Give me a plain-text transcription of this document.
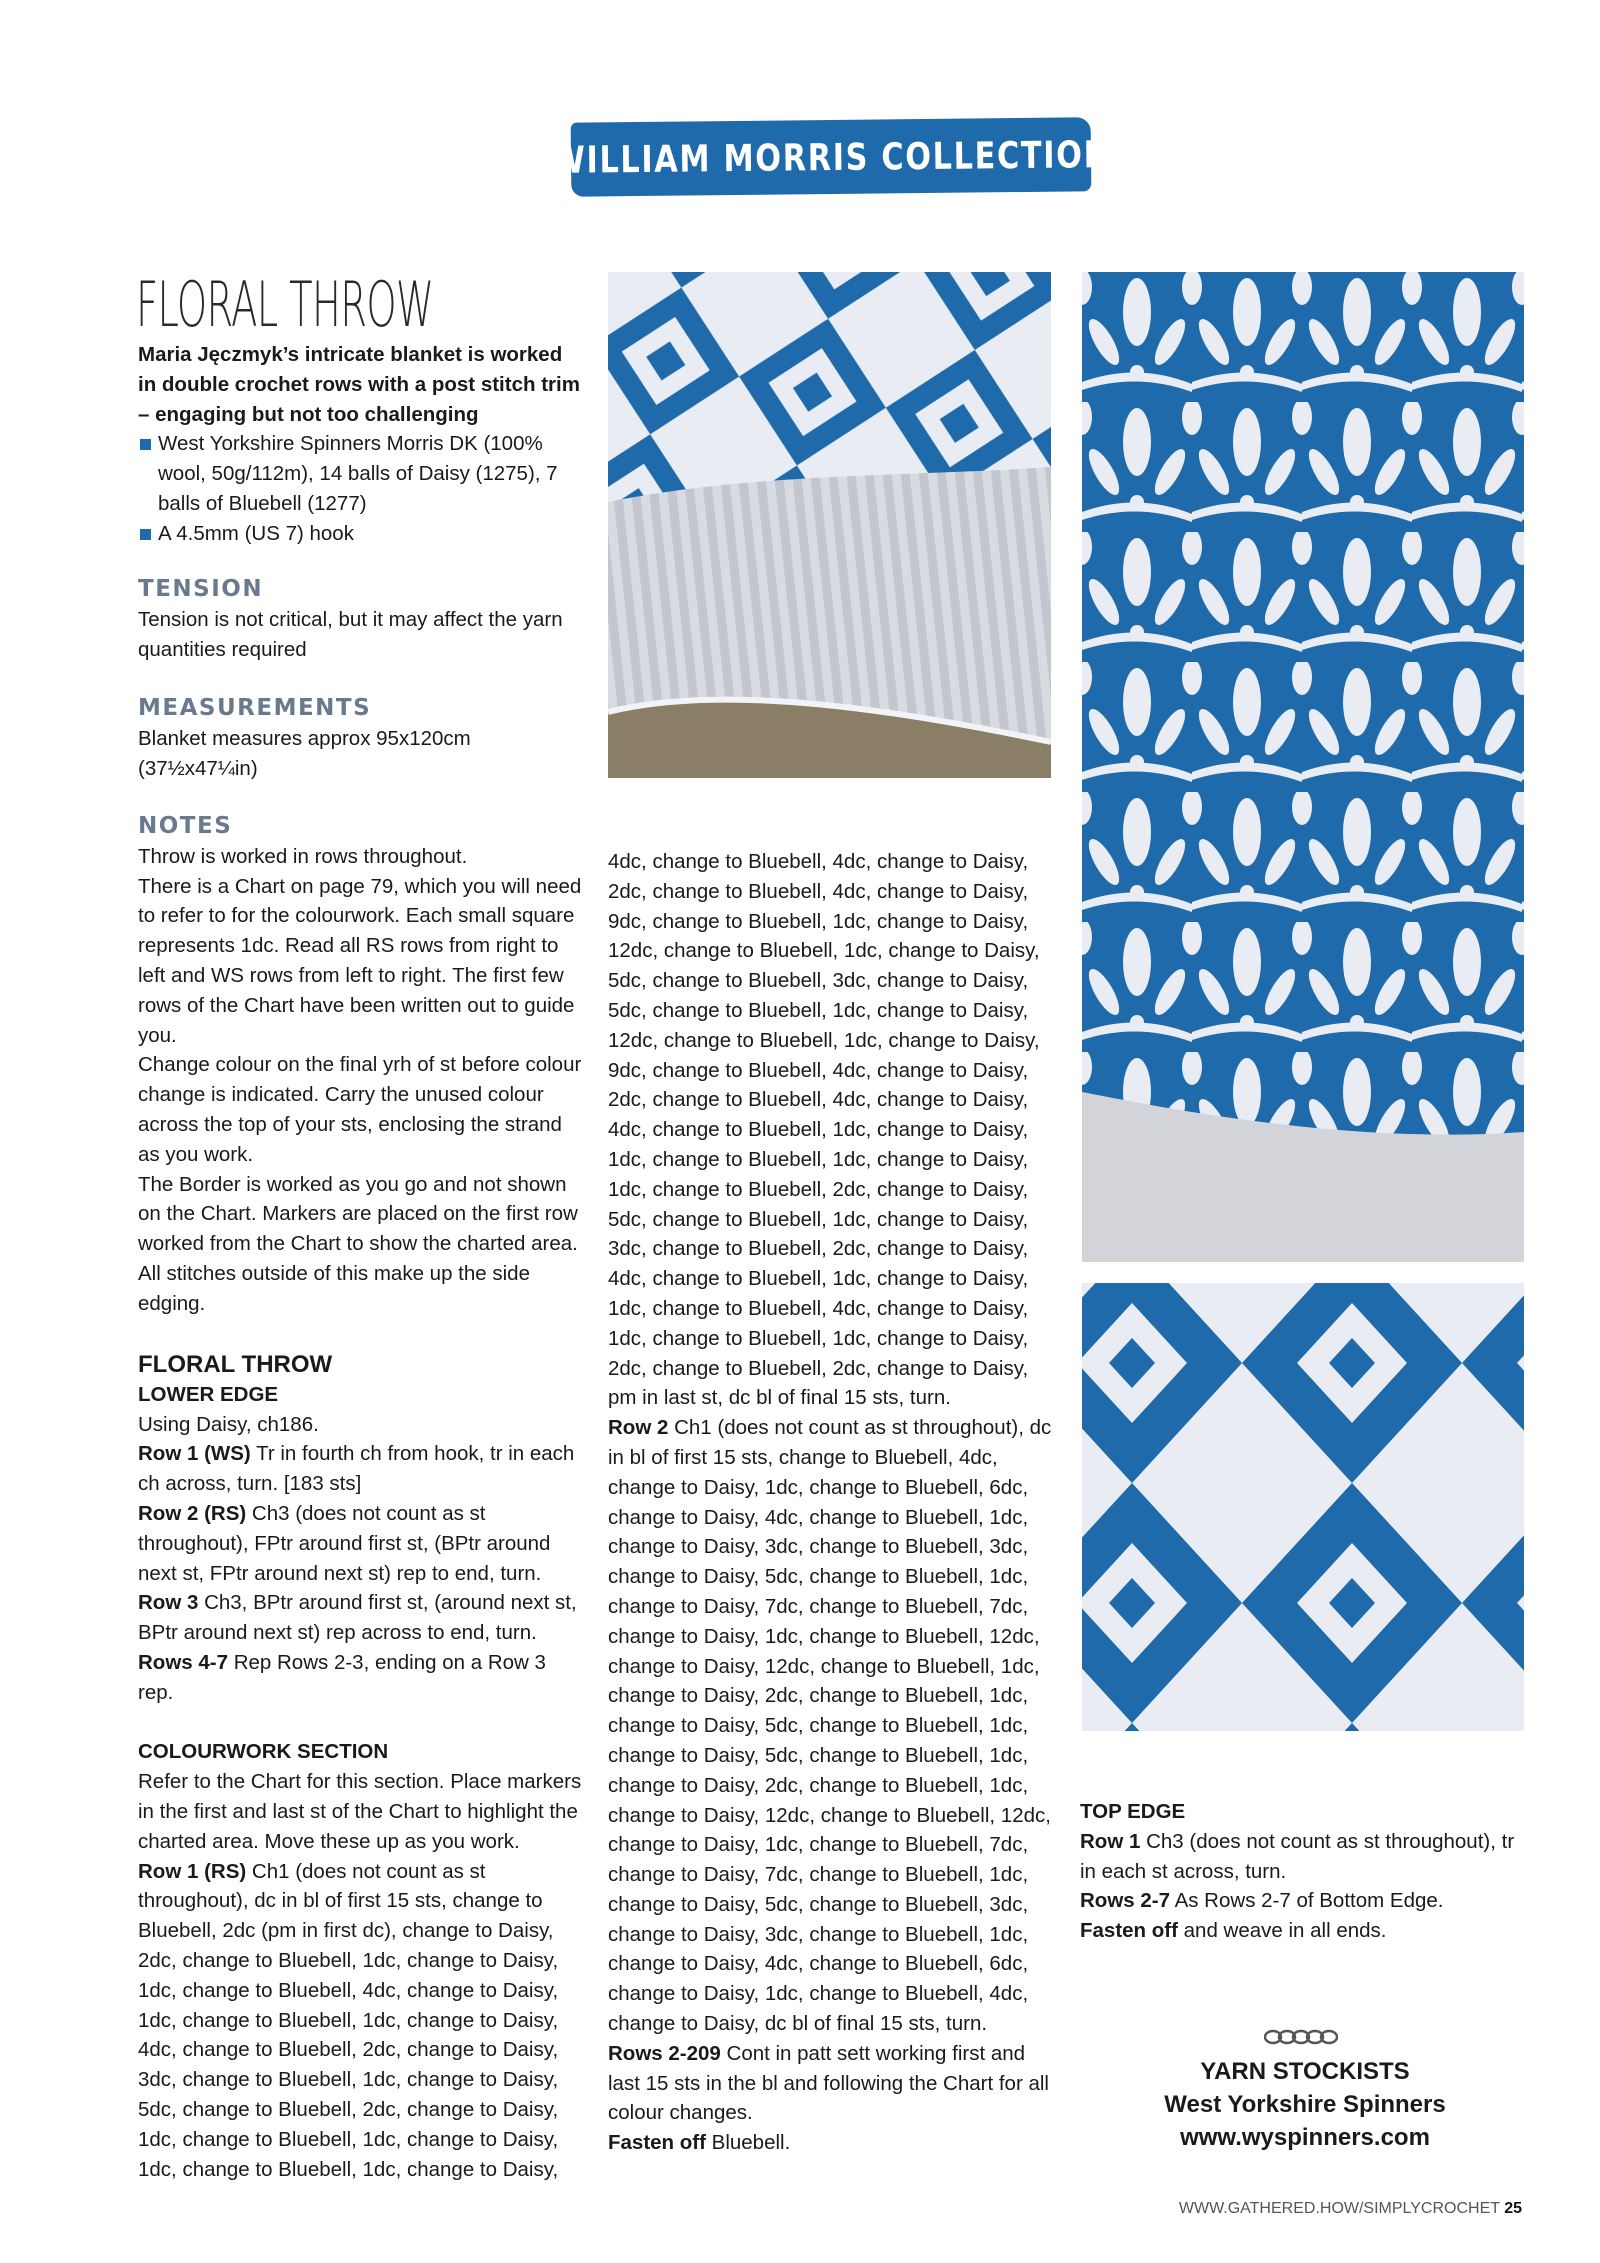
WILLIAM MORRIS COLLECTION
FLORAL THROW

Maria Jęczmyk’s intricate blanket is worked in double crochet rows with a post stitch trim – engaging but not too challenging

West Yorkshire Spinners Morris DK (100% wool, 50g/112m), 14 balls of Daisy (1275), 7 balls of Bluebell (1277)

A 4.5mm (US 7) hook

TENSION

Tension is not critical, but it may affect the yarn quantities required

MEASUREMENTS

Blanket measures approx 95x120cm (37½x47¼in)

NOTES

Throw is worked in rows throughout.

There is a Chart on page 79, which you will need to refer to for the colourwork. Each small square represents 1dc. Read all RS rows from right to left and WS rows from left to right. The first few rows of the Chart have been written out to guide you.

Change colour on the final yrh of st before colour change is indicated. Carry the unused colour across the top of your sts, enclosing the strand as you work.

The Border is worked as you go and not shown on the Chart. Markers are placed on the first row worked from the Chart to show the charted area. All stitches outside of this make up the side edging.

FLORAL THROW

LOWER EDGE

Using Daisy, ch186.

Row 1 (WS) Tr in fourth ch from hook, tr in each ch across, turn. [183 sts]

Row 2 (RS) Ch3 (does not count as st throughout), FPtr around first st, (BPtr around next st, FPtr around next st) rep to end, turn.

Row 3 Ch3, BPtr around first st, (around next st, BPtr around next st) rep across to end, turn.

Rows 4-7 Rep Rows 2-3, ending on a Row 3 rep.

COLOURWORK SECTION

Refer to the Chart for this section. Place markers in the first and last st of the Chart to highlight the charted area. Move these up as you work.

Row 1 (RS) Ch1 (does not count as st throughout), dc in bl of first 15 sts, change to Bluebell, 2dc (pm in first dc), change to Daisy, 2dc, change to Bluebell, 1dc, change to Daisy, 1dc, change to Bluebell, 4dc, change to Daisy, 1dc, change to Bluebell, 1dc, change to Daisy, 4dc, change to Bluebell, 2dc, change to Daisy, 3dc, change to Bluebell, 1dc, change to Daisy, 5dc, change to Bluebell, 2dc, change to Daisy, 1dc, change to Bluebell, 1dc, change to Daisy, 1dc, change to Bluebell, 1dc, change to Daisy,

4dc, change to Bluebell, 4dc, change to Daisy, 2dc, change to Bluebell, 4dc, change to Daisy, 9dc, change to Bluebell, 1dc, change to Daisy, 12dc, change to Bluebell, 1dc, change to Daisy, 5dc, change to Bluebell, 3dc, change to Daisy, 5dc, change to Bluebell, 1dc, change to Daisy, 12dc, change to Bluebell, 1dc, change to Daisy, 9dc, change to Bluebell, 4dc, change to Daisy, 2dc, change to Bluebell, 4dc, change to Daisy, 4dc, change to Bluebell, 1dc, change to Daisy, 1dc, change to Bluebell, 1dc, change to Daisy, 1dc, change to Bluebell, 2dc, change to Daisy, 5dc, change to Bluebell, 1dc, change to Daisy, 3dc, change to Bluebell, 2dc, change to Daisy, 4dc, change to Bluebell, 1dc, change to Daisy, 1dc, change to Bluebell, 4dc, change to Daisy, 1dc, change to Bluebell, 1dc, change to Daisy, 2dc, change to Bluebell, 2dc, change to Daisy, pm in last st, dc bl of final 15 sts, turn.

Row 2 Ch1 (does not count as st throughout), dc in bl of first 15 sts, change to Bluebell, 4dc, change to Daisy, 1dc, change to Bluebell, 6dc, change to Daisy, 4dc, change to Bluebell, 1dc, change to Daisy, 3dc, change to Bluebell, 3dc, change to Daisy, 5dc, change to Bluebell, 1dc, change to Daisy, 7dc, change to Bluebell, 7dc, change to Daisy, 1dc, change to Bluebell, 12dc, change to Daisy, 12dc, change to Bluebell, 1dc, change to Daisy, 2dc, change to Bluebell, 1dc, change to Daisy, 5dc, change to Bluebell, 1dc, change to Daisy, 5dc, change to Bluebell, 1dc, change to Daisy, 2dc, change to Bluebell, 1dc, change to Daisy, 12dc, change to Bluebell, 12dc, change to Daisy, 1dc, change to Bluebell, 7dc, change to Daisy, 7dc, change to Bluebell, 1dc, change to Daisy, 5dc, change to Bluebell, 3dc, change to Daisy, 3dc, change to Bluebell, 1dc, change to Daisy, 4dc, change to Bluebell, 6dc, change to Daisy, 1dc, change to Bluebell, 4dc, change to Daisy, dc bl of final 15 sts, turn.

Rows 2-209 Cont in patt sett working first and last 15 sts in the bl and following the Chart for all colour changes.

Fasten off Bluebell.

TOP EDGE

Row 1 Ch3 (does not count as st throughout), tr in each st across, turn.

Rows 2-7 As Rows 2-7 of Bottom Edge.

Fasten off and weave in all ends.

YARN STOCKISTS
West Yorkshire Spinners
www.wyspinners.com
WWW.GATHERED.HOW/SIMPLYCROCHET 25
